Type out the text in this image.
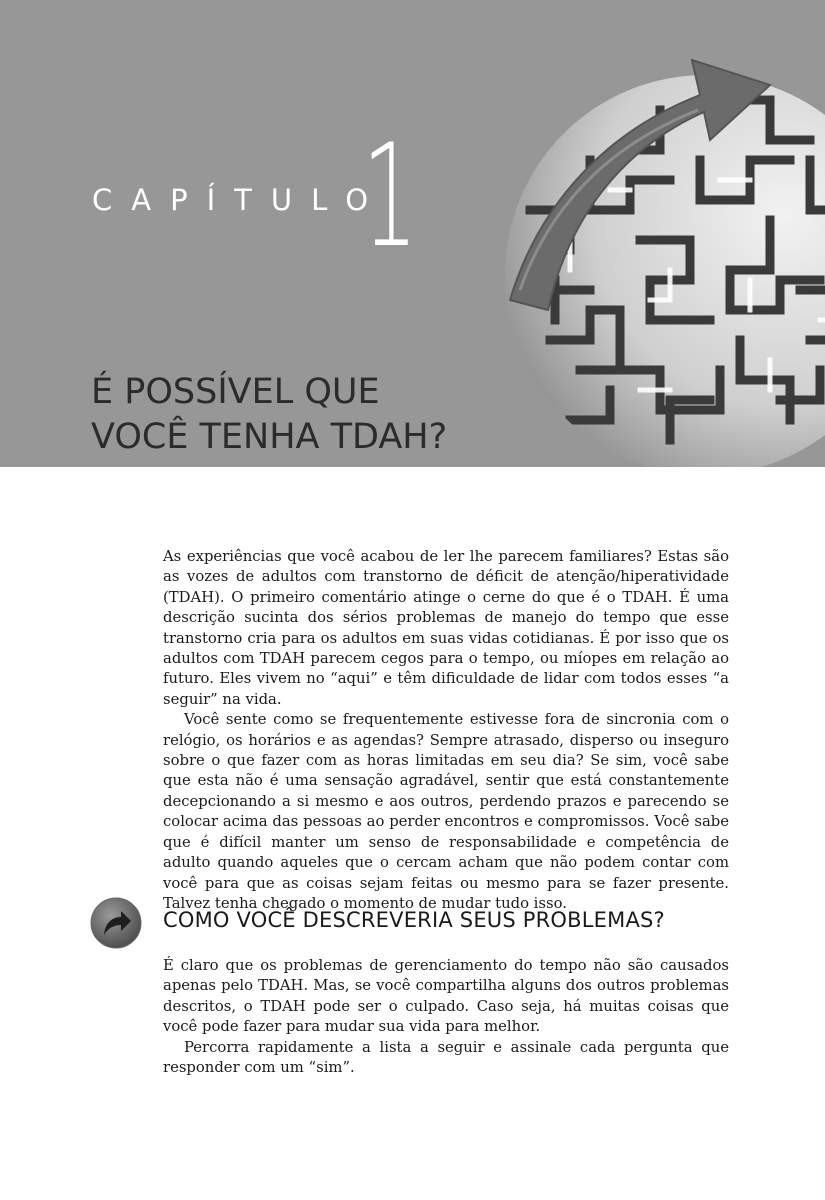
CAPÍTULO
1
É POSSÍVEL QUE
VOCÊ TENHA TDAH?

As experiências que você acabou de ler lhe parecem familiares? Estas são as vozes de adultos com transtorno de déficit de atenção/hiperatividade (TDAH). O primeiro comentário atinge o cerne do que é o TDAH. É uma descrição sucinta dos sérios problemas de manejo do tempo que esse transtorno cria para os adultos em suas vidas cotidianas. É por isso que os adultos com TDAH parecem cegos para o tempo, ou míopes em relação ao futuro. Eles vivem no “aqui” e têm dificuldade de lidar com todos esses “a seguir” na vida.

Você sente como se frequentemente estivesse fora de sincronia com o relógio, os horários e as agendas? Sempre atrasado, disperso ou inseguro sobre o que fazer com as horas limitadas em seu dia? Se sim, você sabe que esta não é uma sensação agradável, sentir que está constantemente decepcionando a si mesmo e aos outros, perdendo prazos e parecendo se colocar acima das pessoas ao perder encontros e compromissos. Você sabe que é difícil manter um senso de responsabilidade e competência de adulto quando aqueles que o cercam acham que não podem contar com você para que as coisas sejam feitas ou mesmo para se fazer presente. Talvez tenha chegado o momento de mudar tudo isso.

COMO VOCÊ DESCREVERIA SEUS PROBLEMAS?

É claro que os problemas de gerenciamento do tempo não são causados apenas pelo TDAH. Mas, se você compartilha alguns dos outros problemas descritos, o TDAH pode ser o culpado. Caso seja, há muitas coisas que você pode fazer para mudar sua vida para melhor.

Percorra rapidamente a lista a seguir e assinale cada pergunta que responder com um “sim”.
